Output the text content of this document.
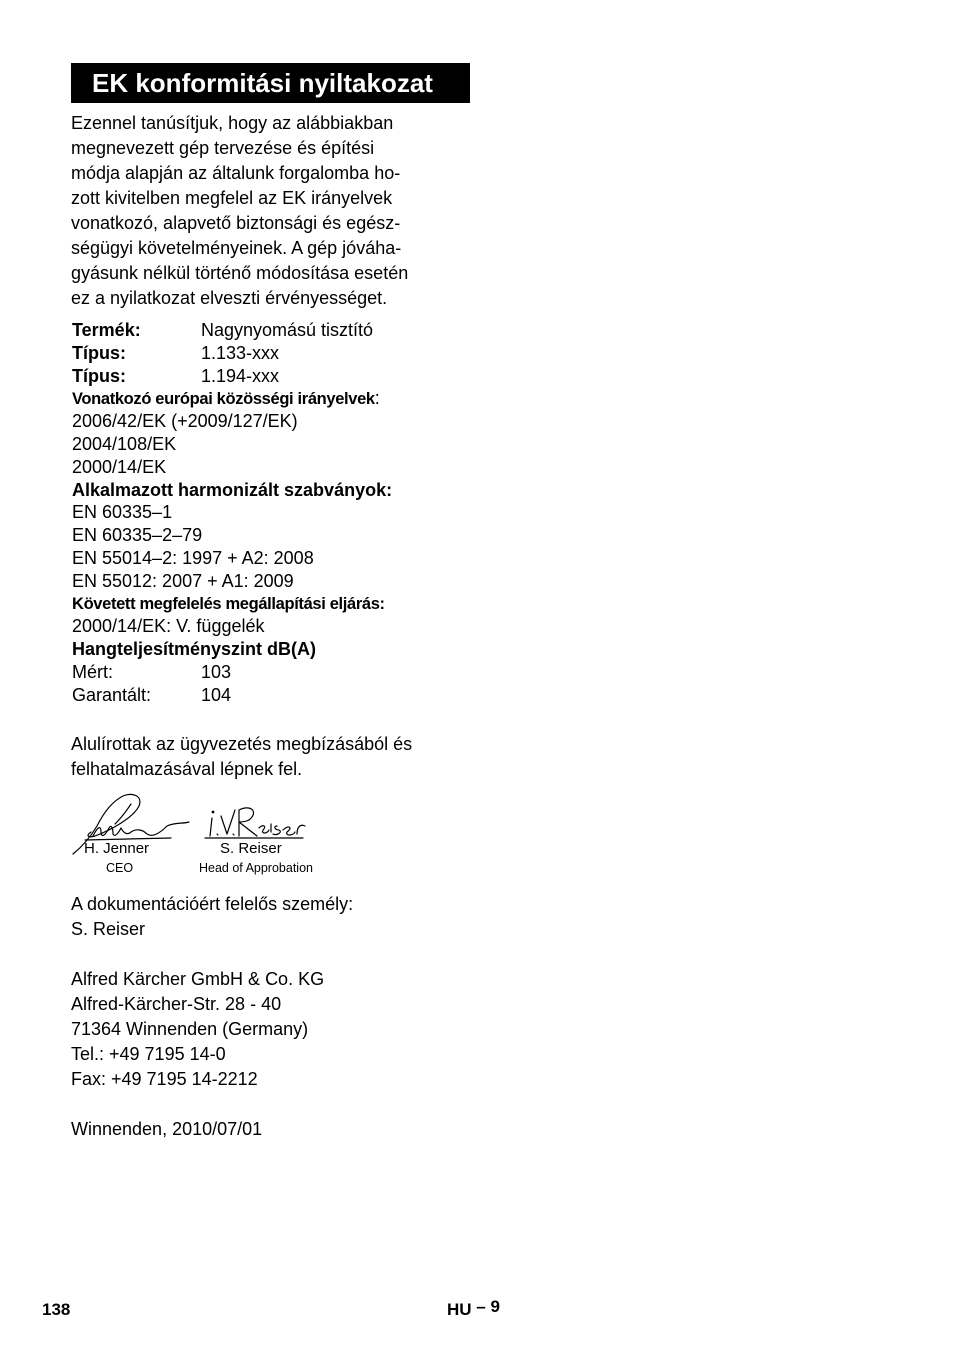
EK konformitási nyiltakozat
Ezennel tanúsítjuk, hogy az alábbiakban
megnevezett gép tervezése és építési
módja alapján az általunk forgalomba ho-
zott kivitelben megfelel az EK irányelvek
vonatkozó, alapvető biztonsági és egész-
ségügyi követelményeinek. A gép jóváha-
gyásunk nélkül történő módosítása esetén
ez a nyilatkozat elveszti érvényességet.
Termék:	Nagynyomású tisztító
Típus:	1.133-xxx
Típus:	1.194-xxx
Vonatkozó európai közösségi irányelvek:
2006/42/EK (+2009/127/EK)
2004/108/EK
2000/14/EK
Alkalmazott harmonizált szabványok:
EN 60335–1
EN 60335–2–79
EN 55014–2: 1997 + A2: 2008
EN 55012: 2007 + A1: 2009
Követett megfelelés megállapítási eljárás:
2000/14/EK: V. függelék
Hangteljesítményszint dB(A)
Mért:	103
Garantált:	104
Alulírottak az ügyvezetés megbízásából és
felhatalmazásával lépnek fel.
H. Jenner
CEO
S. Reiser
Head of Approbation
A dokumentációért felelős személy:
S. Reiser
Alfred Kärcher GmbH & Co. KG
Alfred-Kärcher-Str. 28 - 40
71364 Winnenden (Germany)
Tel.: +49 7195 14-0
Fax: +49 7195 14-2212
Winnenden, 2010/07/01
138	HU – 9
